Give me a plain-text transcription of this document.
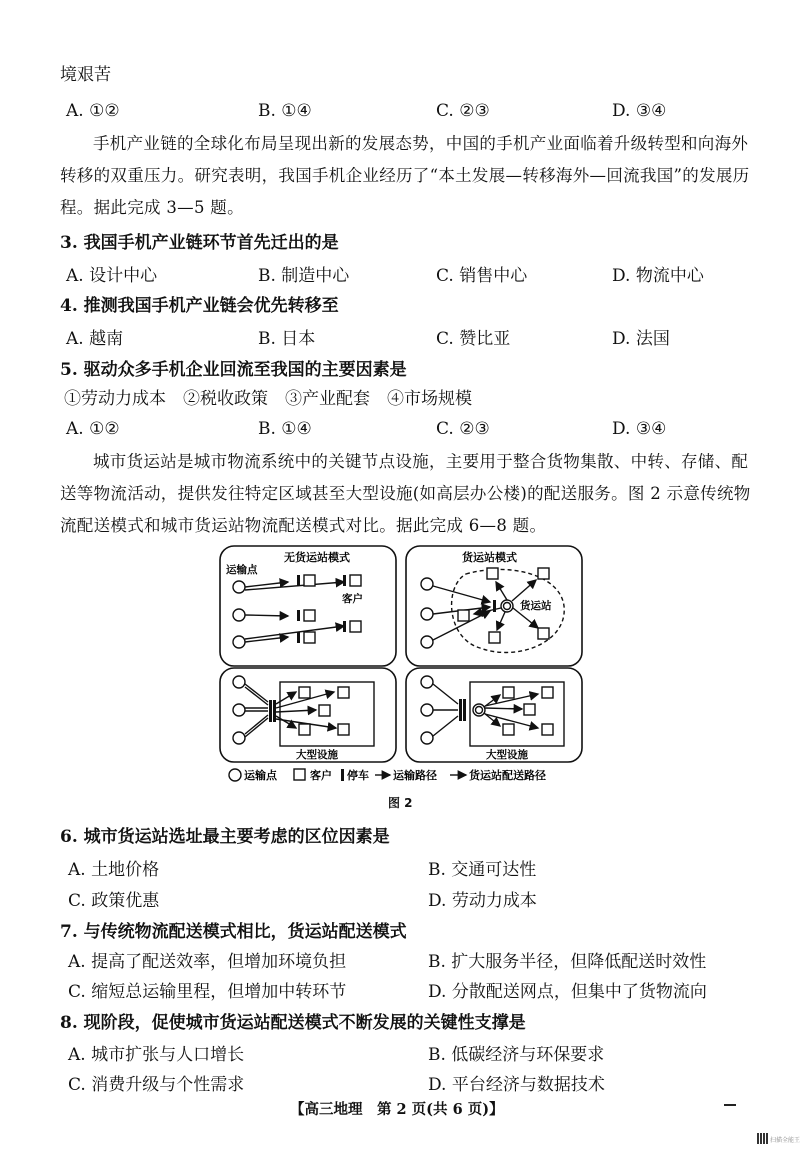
境艰苦
A. ①②	B. ①④	C. ②③	D. ③④
手机产业链的全球化布局呈现出新的发展态势，中国的手机产业面临着升级转型和向海外转移的双重压力。研究表明，我国手机企业经历了“本土发展—转移海外—回流我国”的发展历程。据此完成 3—5 题。
3. 我国手机产业链环节首先迁出的是
A. 设计中心	B. 制造中心	C. 销售中心	D. 物流中心
4. 推测我国手机产业链会优先转移至
A. 越南	B. 日本	C. 赞比亚	D. 法国
5. 驱动众多手机企业回流至我国的主要因素是
①劳动力成本　②税收政策　③产业配套　④市场规模
A. ①②	B. ①④	C. ②③	D. ③④
城市货运站是城市物流系统中的关键节点设施，主要用于整合货物集散、中转、存储、配送等物流活动，提供发往特定区域甚至大型设施(如高层办公楼)的配送服务。图 2 示意传统物流配送模式和城市货运站物流配送模式对比。据此完成 6—8 题。
无货运站模式	货运站模式
运输点
客户
货运站
大型设施	大型设施
运输点	客户 停车 运输路径	货运站配送路径
图 2
6. 城市货运站选址最主要考虑的区位因素是
A. 土地价格	B. 交通可达性
C. 政策优惠	D. 劳动力成本
7. 与传统物流配送模式相比，货运站配送模式
A. 提高了配送效率，但增加环境负担	B. 扩大服务半径，但降低配送时效性
C. 缩短总运输里程，但增加中转环节	D. 分散配送网点，但集中了货物流向
8. 现阶段，促使城市货运站配送模式不断发展的关键性支撑是
A. 城市扩张与人口增长	B. 低碳经济与环保要求
C. 消费升级与个性需求	D. 平台经济与数据技术
【高三地理　第 2 页(共 6 页)】
扫描全能王
